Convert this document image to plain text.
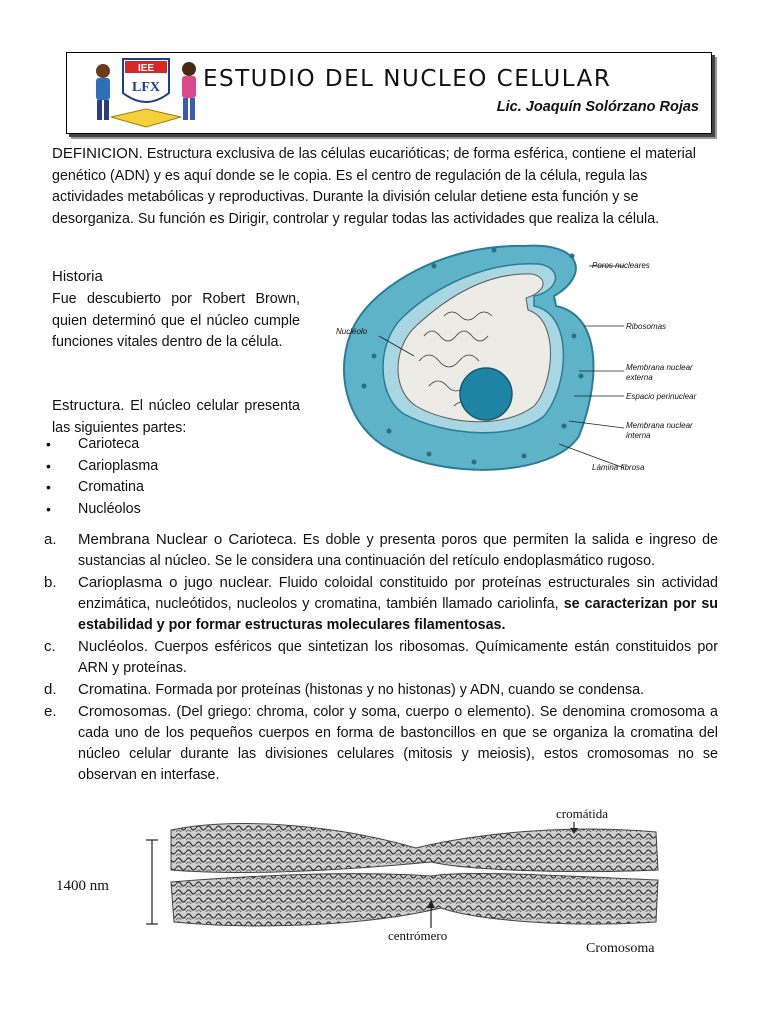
IEE
LFX ESTUDIO DEL NUCLEO CELULAR
Lic. Joaquín Solórzano Rojas
DEFINICION. Estructura exclusiva de las células eucarióticas; de forma esférica, contiene el material genético (ADN) y es aquí donde se le copia. Es el centro de regulación de la célula, regula las actividades metabólicas y reproductivas. Durante la división celular detiene esta función y se desorganiza. Su función es Dirigir, controlar y regular todas las actividades que realiza la célula.
Historia
Fue descubierto por Robert Brown, quien determinó que el núcleo cumple funciones vitales dentro de la célula.
Estructura. El núcleo celular presenta las siguientes partes:
• Carioteca
• Carioplasma
• Cromatina
• Nucléolos
Poros nucleares
Ribosomas
Membrana nuclear
externa
Espacio perinuclear
Membrana nuclear
interna
Lámina fibrosa
Nucléolo
a. Membrana Nuclear o Carioteca. Es doble y presenta poros que permiten la salida e ingreso de sustancias al núcleo. Se le considera una continuación del retículo endoplasmático rugoso.
b. Carioplasma o jugo nuclear. Fluido coloidal constituido por proteínas estructurales sin actividad enzimática, nucleótidos, nucleolos y cromatina, también llamado cariolinfa, se caracterizan por su estabilidad y por formar estructuras moleculares filamentosas.
c. Nucléolos. Cuerpos esféricos que sintetizan los ribosomas. Químicamente están constituidos por ARN y proteínas.
d. Cromatina. Formada por proteínas (histonas y no histonas) y ADN, cuando se condensa.
e. Cromosomas. (Del griego: chroma, color y soma, cuerpo o elemento). Se denomina cromosoma a cada uno de los pequeños cuerpos en forma de bastoncillos en que se organiza la cromatina del núcleo celular durante las divisiones celulares (mitosis y meiosis), estos cromosomas no se observan en interfase.
1400 nm
cromátida
centrómero
Cromosoma
